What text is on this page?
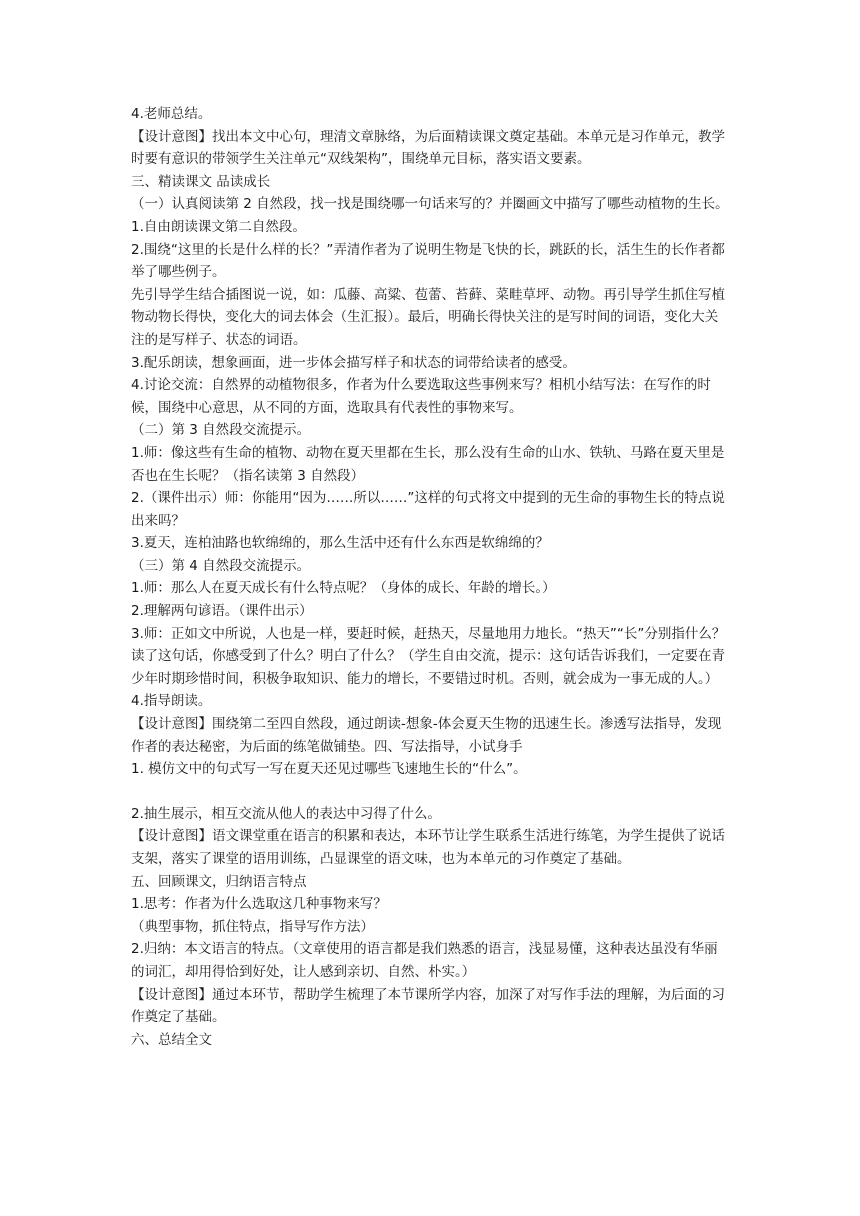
4.老师总结。

【设计意图】找出本文中心句，理清文章脉络，为后面精读课文奠定基础。本单元是习作单元，教学时要有意识的带领学生关注单元“双线架构”，围绕单元目标，落实语文要素。

三、精读课文 品读成长

（一）认真阅读第 2 自然段，找一找是围绕哪一句话来写的？并圈画文中描写了哪些动植物的生长。

1.自由朗读课文第二自然段。

2.围绕“这里的长是什么样的长？”弄清作者为了说明生物是飞快的长，跳跃的长，活生生的长作者都举了哪些例子。

先引导学生结合插图说一说，如：瓜藤、高粱、苞蕾、苔藓、菜畦草坪、动物。再引导学生抓住写植物动物长得快，变化大的词去体会（生汇报）。最后，明确长得快关注的是写时间的词语，变化大关注的是写样子、状态的词语。

3.配乐朗读，想象画面，进一步体会描写样子和状态的词带给读者的感受。

4.讨论交流：自然界的动植物很多，作者为什么要选取这些事例来写？相机小结写法：在写作的时候，围绕中心意思，从不同的方面，选取具有代表性的事物来写。

（二）第 3 自然段交流提示。

1.师：像这些有生命的植物、动物在夏天里都在生长，那么没有生命的山水、铁轨、马路在夏天里是否也在生长呢？（指名读第 3 自然段）

2.（课件出示）师：你能用“因为……所以……”这样的句式将文中提到的无生命的事物生长的特点说出来吗？

3.夏天，连柏油路也软绵绵的，那么生活中还有什么东西是软绵绵的？

（三）第 4 自然段交流提示。

1.师：那么人在夏天成长有什么特点呢？（身体的成长、年龄的增长。）

2.理解两句谚语。（课件出示）

3.师：正如文中所说，人也是一样，要赶时候，赶热天，尽量地用力地长。“热天”“长”分别指什么？读了这句话，你感受到了什么？明白了什么？（学生自由交流，提示：这句话告诉我们，一定要在青少年时期珍惜时间，积极争取知识、能力的增长，不要错过时机。否则，就会成为一事无成的人。）

4.指导朗读。

【设计意图】围绕第二至四自然段，通过朗读-想象-体会夏天生物的迅速生长。渗透写法指导，发现作者的表达秘密，为后面的练笔做铺垫。四、写法指导，小试身手

1. 模仿文中的句式写一写在夏天还见过哪些飞速地生长的“什么”。

2.抽生展示，相互交流从他人的表达中习得了什么。

【设计意图】语文课堂重在语言的积累和表达，本环节让学生联系生活进行练笔，为学生提供了说话支架，落实了课堂的语用训练，凸显课堂的语文味，也为本单元的习作奠定了基础。

五、回顾课文，归纳语言特点

1.思考：作者为什么选取这几种事物来写？

（典型事物，抓住特点，指导写作方法）

2.归纳：本文语言的特点。（文章使用的语言都是我们熟悉的语言，浅显易懂，这种表达虽没有华丽的词汇，却用得恰到好处，让人感到亲切、自然、朴实。）

【设计意图】通过本环节，帮助学生梳理了本节课所学内容，加深了对写作手法的理解，为后面的习作奠定了基础。

六、总结全文
